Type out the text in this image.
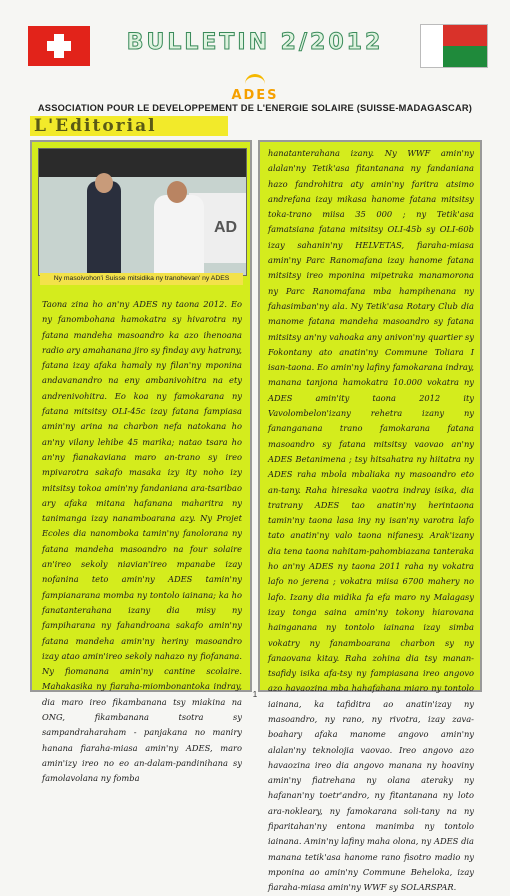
BULLETIN 2/2012
ADES
ASSOCIATION POUR LE DEVELOPPEMENT DE L'ENERGIE SOLAIRE (SUISSE-MADAGASCAR)
L'Editorial
AD
Ny masoivohon'i Suisse mitsidika ny tranohevan' ny ADES
Taona zina ho an'ny ADES ny taona 2012. Eo ny fanombohana hamokatra sy hivarotra ny fatana mandeha masoandro ka azo ihenoana radio ary amahanana jiro sy finday avy hatrany, fatana izay afaka hamaly ny filan'ny mponina andavanandro na eny ambanivohitra na ety andrenivohitra. Eo koa ny famokarana ny fatana mitsitsy OLI-45c izay fatana fampiasa amin'ny arina na charbon nefa natokana ho an'ny vilany lehibe 45 marika; natao tsara ho an'ny fianakaviana maro an-trano sy ireo mpivarotra sakafo masaka izy ity noho izy mitsitsy tokoa amin'ny fandaniana ara-tsaribao ary afaka mitana hafanana maharitra ny tanimanga izay nanamboarana azy. Ny Projet Ecoles dia nanomboka tamin'ny fanolorana ny fatana mandeha masoandro na four solaire an'ireo sekoly niavian'ireo mpanabe izay nofanina teto amin'ny ADES tamin'ny fampianarana momba ny tontolo iainana; ka ho fanatanterahana izany dia misy ny fampiharana ny fahandroana sakafo amin'ny fatana mandeha amin'ny heriny masoandro izay atao amin'ireo sekoly nahazo ny fiofanana. Ny fiomanana amin'ny cantine scolaire. Mahakasika ny fiaraha-miombonantoka indray, dia maro ireo fikambanana tsy miakina na ONG, fikambanana tsotra sy sampandraharaham - panjakana no maniry hanana fiaraha-miasa amin'ny ADES, maro amin'izy ireo no eo an-dalam-pandinihana sy famolavolana ny fomba
hanatanterahana izany. Ny WWF amin'ny alalan'ny Tetik'asa fitantanana ny fandaniana hazo fandrohitra aty amin'ny faritra atsimo andrefana izay mikasa hanome fatana mitsitsy toka-trano miisa 35 000 ; ny Tetik'asa famatsiana fatana mitsitsy OLI-45b sy OLI-60b izay sahanin'ny HELVETAS, fiaraha-miasa amin'ny Parc Ranomafana izay hanome fatana mitsitsy ireo mponina mipetraka manamorona ny Parc Ranomafana mba hampihenana ny fahasimban'ny ala. Ny Tetik'asa Rotary Club dia manome fatana mandeha masoandro sy fatana mitsitsy an'ny vahoaka any anivon'ny quartier sy Fokontany ato anatin'ny Commune Toliara I isan-taona. Eo amin'ny lafiny famokarana indray, manana tanjona hamokatra 10.000 vokatra ny ADES amin'ity taona 2012 ity Vavolombelon'izany rehetra izany ny fananganana trano famokarana fatana masoandro sy fatana mitsitsy vaovao an'ny ADES Betanimena ; tsy hitsahatra ny hiitatra ny ADES raha mbola mbaliaka ny masoandro eto an-tany. Raha hiresaka vaotra indray isika, dia tratrany ADES tao anatin'ny herintaona tamin'ny taona lasa iny ny isan'ny varotra lafo tato anatin'ny valo taona nifanesy. Arak'izany dia tena taona nahitam-pahombiazana tanteraka ho an'ny ADES ny taona 2011 raha ny vokatra lafo no jerena ; vokatra miisa 6700 mahery no lafo. Izany dia midika fa efa maro ny Malagasy izay tonga saina amin'ny tokony hiarovana hainganana ny tontolo iainana izay simba vokatry ny fanamboarana charbon sy ny fanaovana kitay. Raha zohina dia tsy manan-tsafidy isika afa-tsy ny fampiasana ireo angovo azo havaozina mba hahafahana miaro ny tontolo iainana, ka tafiditra ao anatin'izay ny masoandro, ny rano, ny rivotra, izay zava-boahary afaka manome angovo amin'ny alalan'ny teknolojia vaovao. Ireo angovo azo havaozina ireo dia angovo manana ny hoaviny amin'ny fiatrehana ny olana ateraky ny hafanan'ny toetr'andro, ny fitantanana ny loto ara-nokleary, ny famokarana soli-tany na ny fiparitahan'ny entona manimba ny tontolo iainana. Amin'ny lafiny maha olona, ny ADES dia manana tetik'asa hanome rano fisotro madio ny mponina ao amin'ny Commune Beheloka, izay fiaraha-miasa amin'ny WWF sy SOLARSPAR.
1
